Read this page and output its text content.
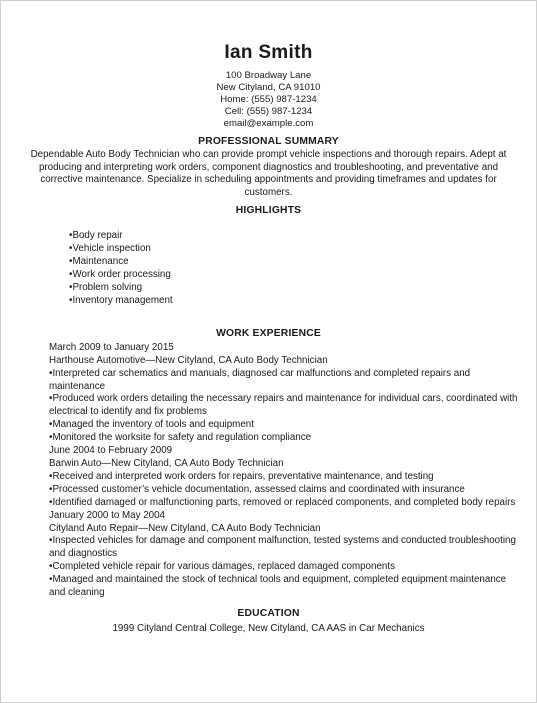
Ian Smith
100 Broadway Lane
New Cityland, CA 91010
Home: (555) 987-1234
Cell: (555) 987-1234
email@example.com
PROFESSIONAL SUMMARY
Dependable Auto Body Technician who can provide prompt vehicle inspections and thorough repairs. Adept at producing and interpreting work orders, component diagnostics and troubleshooting, and preventative and corrective maintenance. Specialize in scheduling appointments and providing timeframes and updates for customers.
HIGHLIGHTS
• Body repair
• Vehicle inspection
• Maintenance
• Work order processing
• Problem solving
• Inventory management
WORK EXPERIENCE

March 2009 to January 2015

Harthouse Automotive—New Cityland, CA Auto Body Technician

• Interpreted car schematics and manuals, diagnosed car malfunctions and completed repairs and maintenance

• Produced work orders detailing the necessary repairs and maintenance for individual cars, coordinated with electrical to identify and fix problems

• Managed the inventory of tools and equipment

• Monitored the worksite for safety and regulation compliance

June 2004 to February 2009

Barwin Auto—New Cityland, CA Auto Body Technician

• Received and interpreted work orders for repairs, preventative maintenance, and testing

• Processed customer’s vehicle documentation, assessed claims and coordinated with insurance

• Identified damaged or malfunctioning parts, removed or replaced components, and completed body repairs

January 2000 to May 2004

Cityland Auto Repair—New Cityland, CA Auto Body Technician

• Inspected vehicles for damage and component malfunction, tested systems and conducted troubleshooting and diagnostics

• Completed vehicle repair for various damages, replaced damaged components

• Managed and maintained the stock of technical tools and equipment, completed equipment maintenance and cleaning

EDUCATION
1999 Cityland Central College, New Cityland, CA AAS in Car Mechanics
